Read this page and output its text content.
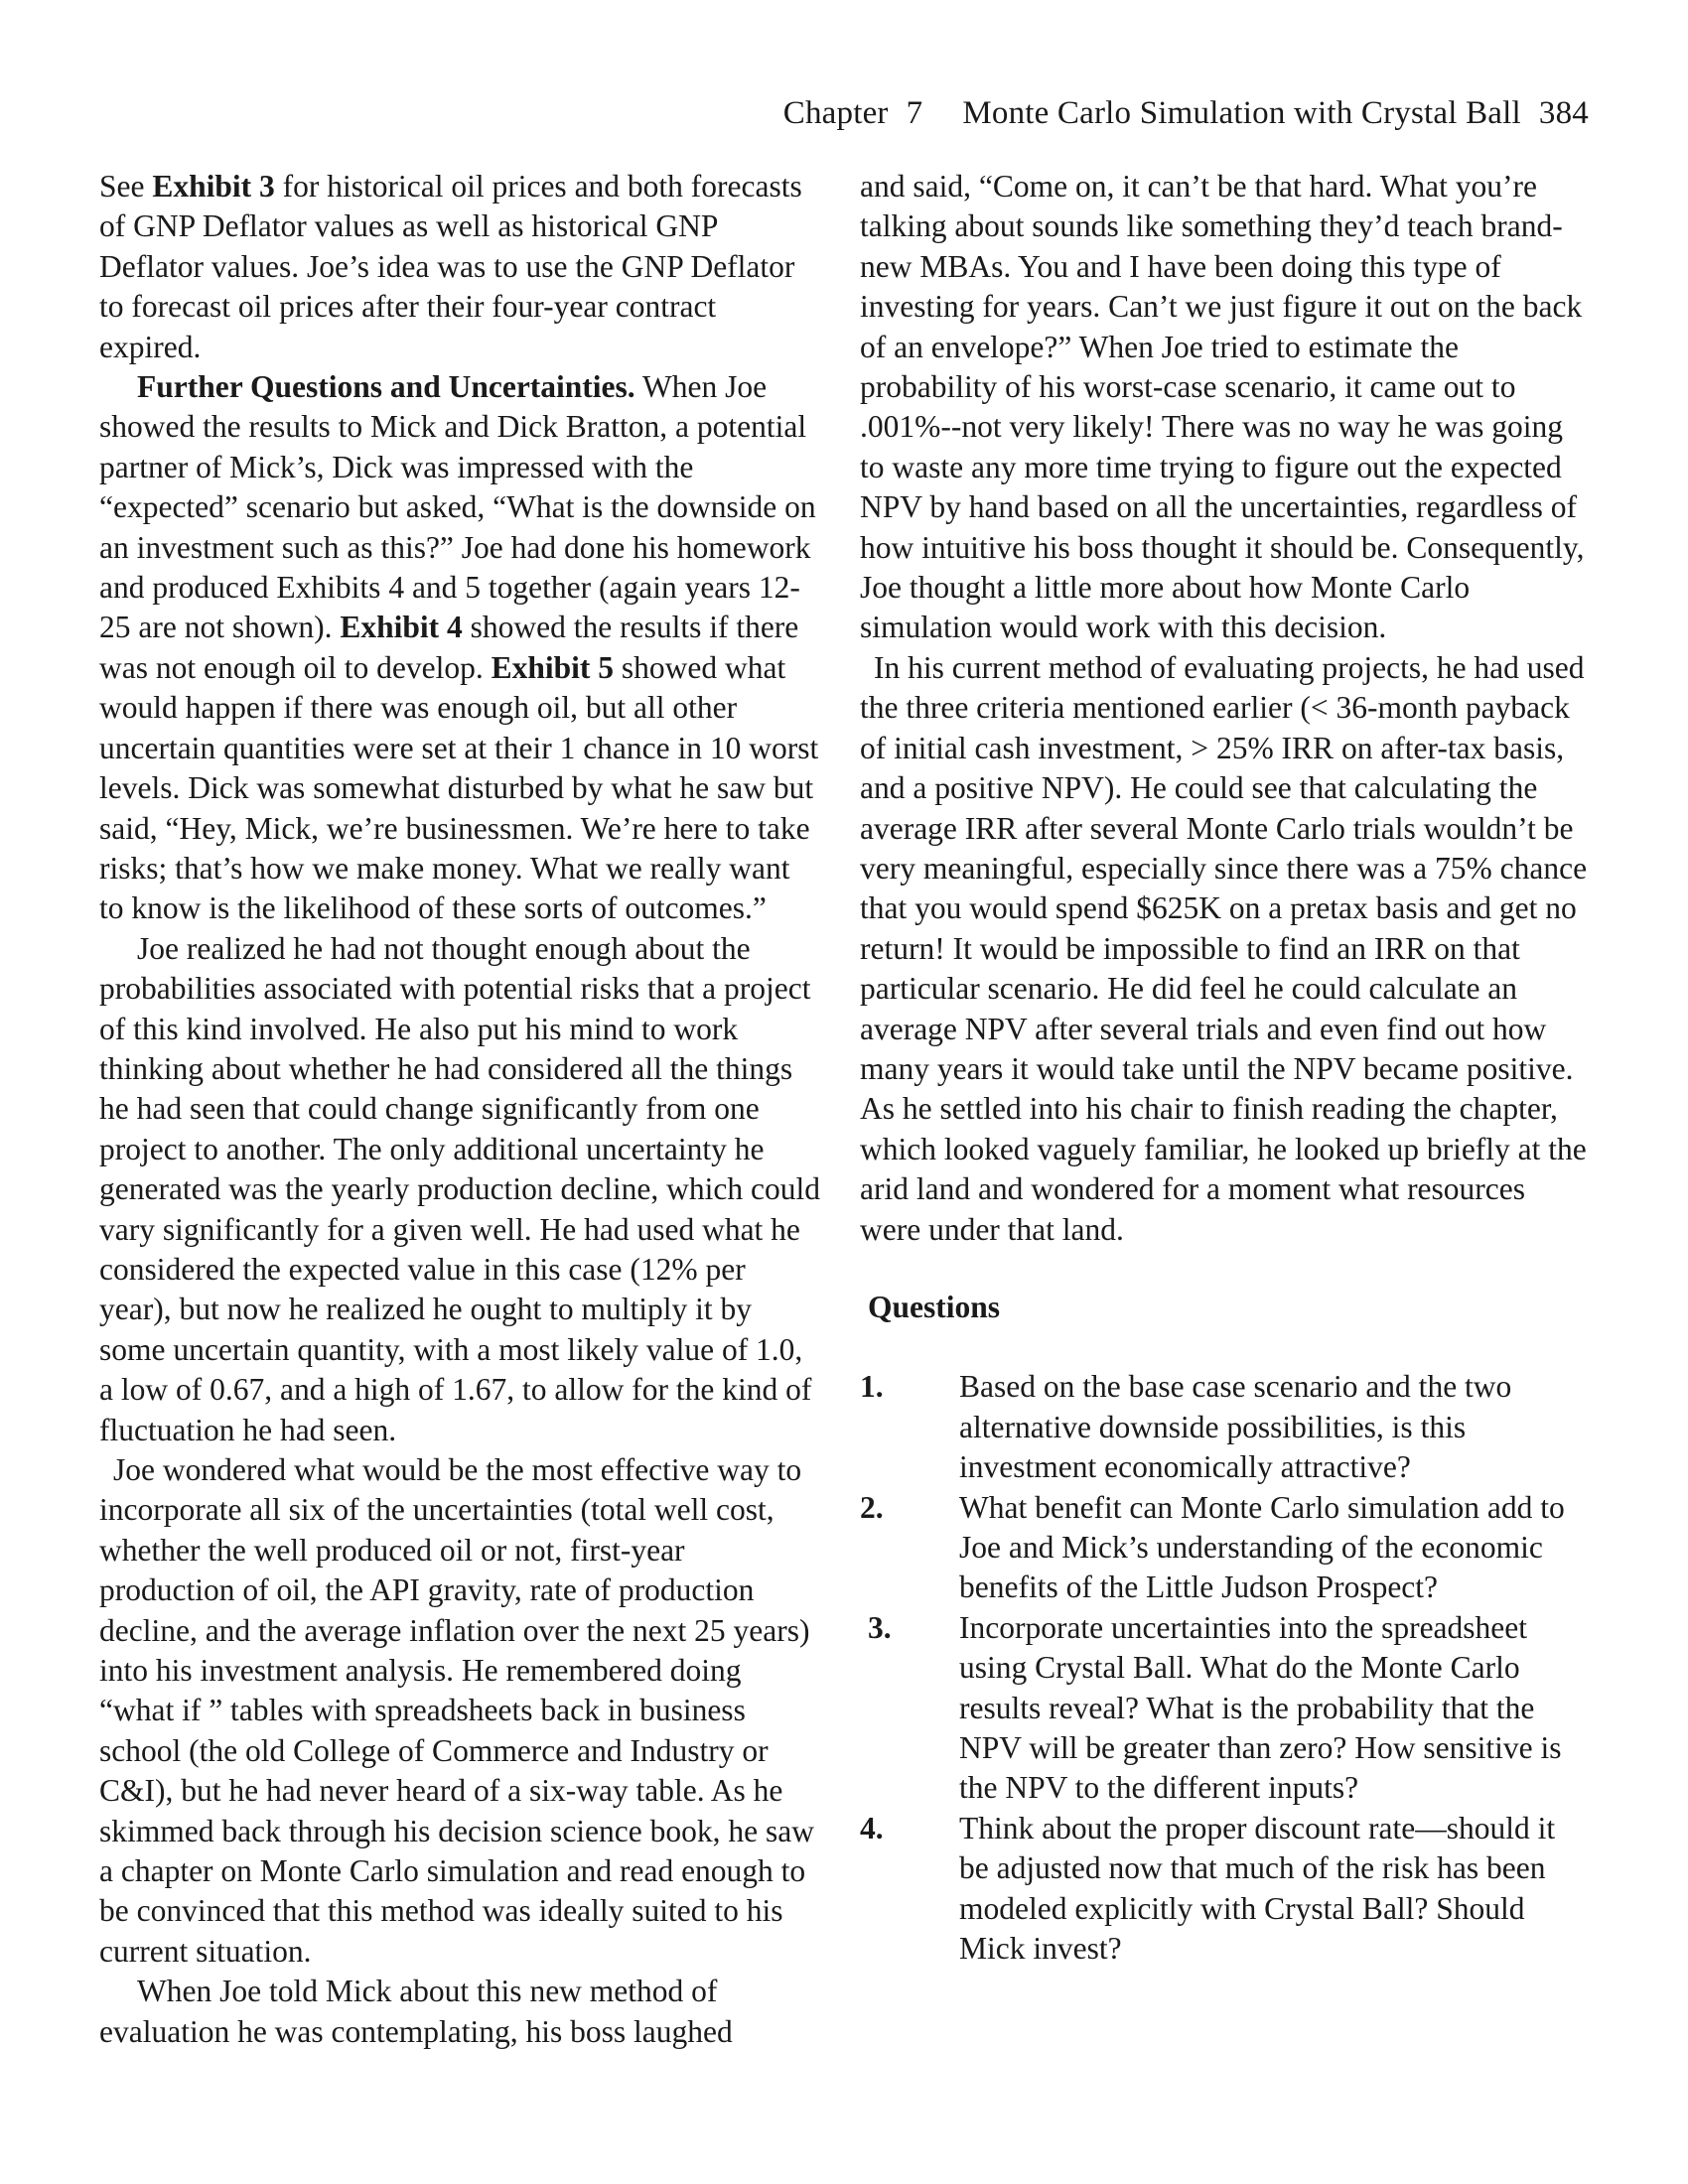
Chapter 7 Monte Carlo Simulation with Crystal Ball 384

See Exhibit 3 for historical oil prices and both forecasts of GNP Deflator values as well as historical GNP Deflator values. Joe’s idea was to use the GNP Deflator to forecast oil prices after their four-year contract expired.

Further Questions and Uncertainties. When Joe showed the results to Mick and Dick Bratton, a potential partner of Mick’s, Dick was impressed with the “expected” scenario but asked, “What is the downside on an investment such as this?” Joe had done his homework and produced Exhibits 4 and 5 together (again years 12-25 are not shown). Exhibit 4 showed the results if there was not enough oil to develop. Exhibit 5 showed what would happen if there was enough oil, but all other uncertain quantities were set at their 1 chance in 10 worst levels. Dick was somewhat disturbed by what he saw but said, “Hey, Mick, we’re businessmen. We’re here to take risks; that’s how we make money. What we really want to know is the likelihood of these sorts of outcomes.”

Joe realized he had not thought enough about the probabilities associated with potential risks that a project of this kind involved. He also put his mind to work thinking about whether he had considered all the things he had seen that could change significantly from one project to another. The only additional uncertainty he generated was the yearly production decline, which could vary significantly for a given well. He had used what he considered the expected value in this case (12% per year), but now he realized he ought to multiply it by some uncertain quantity, with a most likely value of 1.0, a low of 0.67, and a high of 1.67, to allow for the kind of fluctuation he had seen.

Joe wondered what would be the most effective way to incorporate all six of the uncertainties (total well cost, whether the well produced oil or not, first-year production of oil, the API gravity, rate of production decline, and the average inflation over the next 25 years) into his investment analysis. He remembered doing “what if ” tables with spreadsheets back in business school (the old College of Commerce and Industry or C&I), but he had never heard of a six-way table. As he skimmed back through his decision science book, he saw a chapter on Monte Carlo simulation and read enough to be convinced that this method was ideally suited to his current situation.

When Joe told Mick about this new method of evaluation he was contemplating, his boss laughed

and said, “Come on, it can’t be that hard. What you’re talking about sounds like something they’d teach brand-new MBAs. You and I have been doing this type of investing for years. Can’t we just figure it out on the back of an envelope?” When Joe tried to estimate the probability of his worst-case scenario, it came out to .001%--not very likely! There was no way he was going to waste any more time trying to figure out the expected NPV by hand based on all the uncertainties, regardless of how intuitive his boss thought it should be. Consequently, Joe thought a little more about how Monte Carlo simulation would work with this decision.

In his current method of evaluating projects, he had used the three criteria mentioned earlier (< 36-month payback of initial cash investment, > 25% IRR on after-tax basis, and a positive NPV). He could see that calculating the average IRR after several Monte Carlo trials wouldn’t be very meaningful, especially since there was a 75% chance that you would spend $625K on a pretax basis and get no return! It would be impossible to find an IRR on that particular scenario. He did feel he could calculate an average NPV after several trials and even find out how many years it would take until the NPV became positive. As he settled into his chair to finish reading the chapter, which looked vaguely familiar, he looked up briefly at the arid land and wondered for a moment what resources were under that land.

Questions
1.	Based on the base case scenario and the two alternative downside possibilities, is this investment economically attractive?
2.	What benefit can Monte Carlo simulation add to Joe and Mick’s understanding of the economic benefits of the Little Judson Prospect?
3.	Incorporate uncertainties into the spreadsheet using Crystal Ball. What do the Monte Carlo results reveal? What is the probability that the NPV will be greater than zero? How sensitive is the NPV to the different inputs?
4.	Think about the proper discount rate—should it be adjusted now that much of the risk has been modeled explicitly with Crystal Ball? Should Mick invest?
